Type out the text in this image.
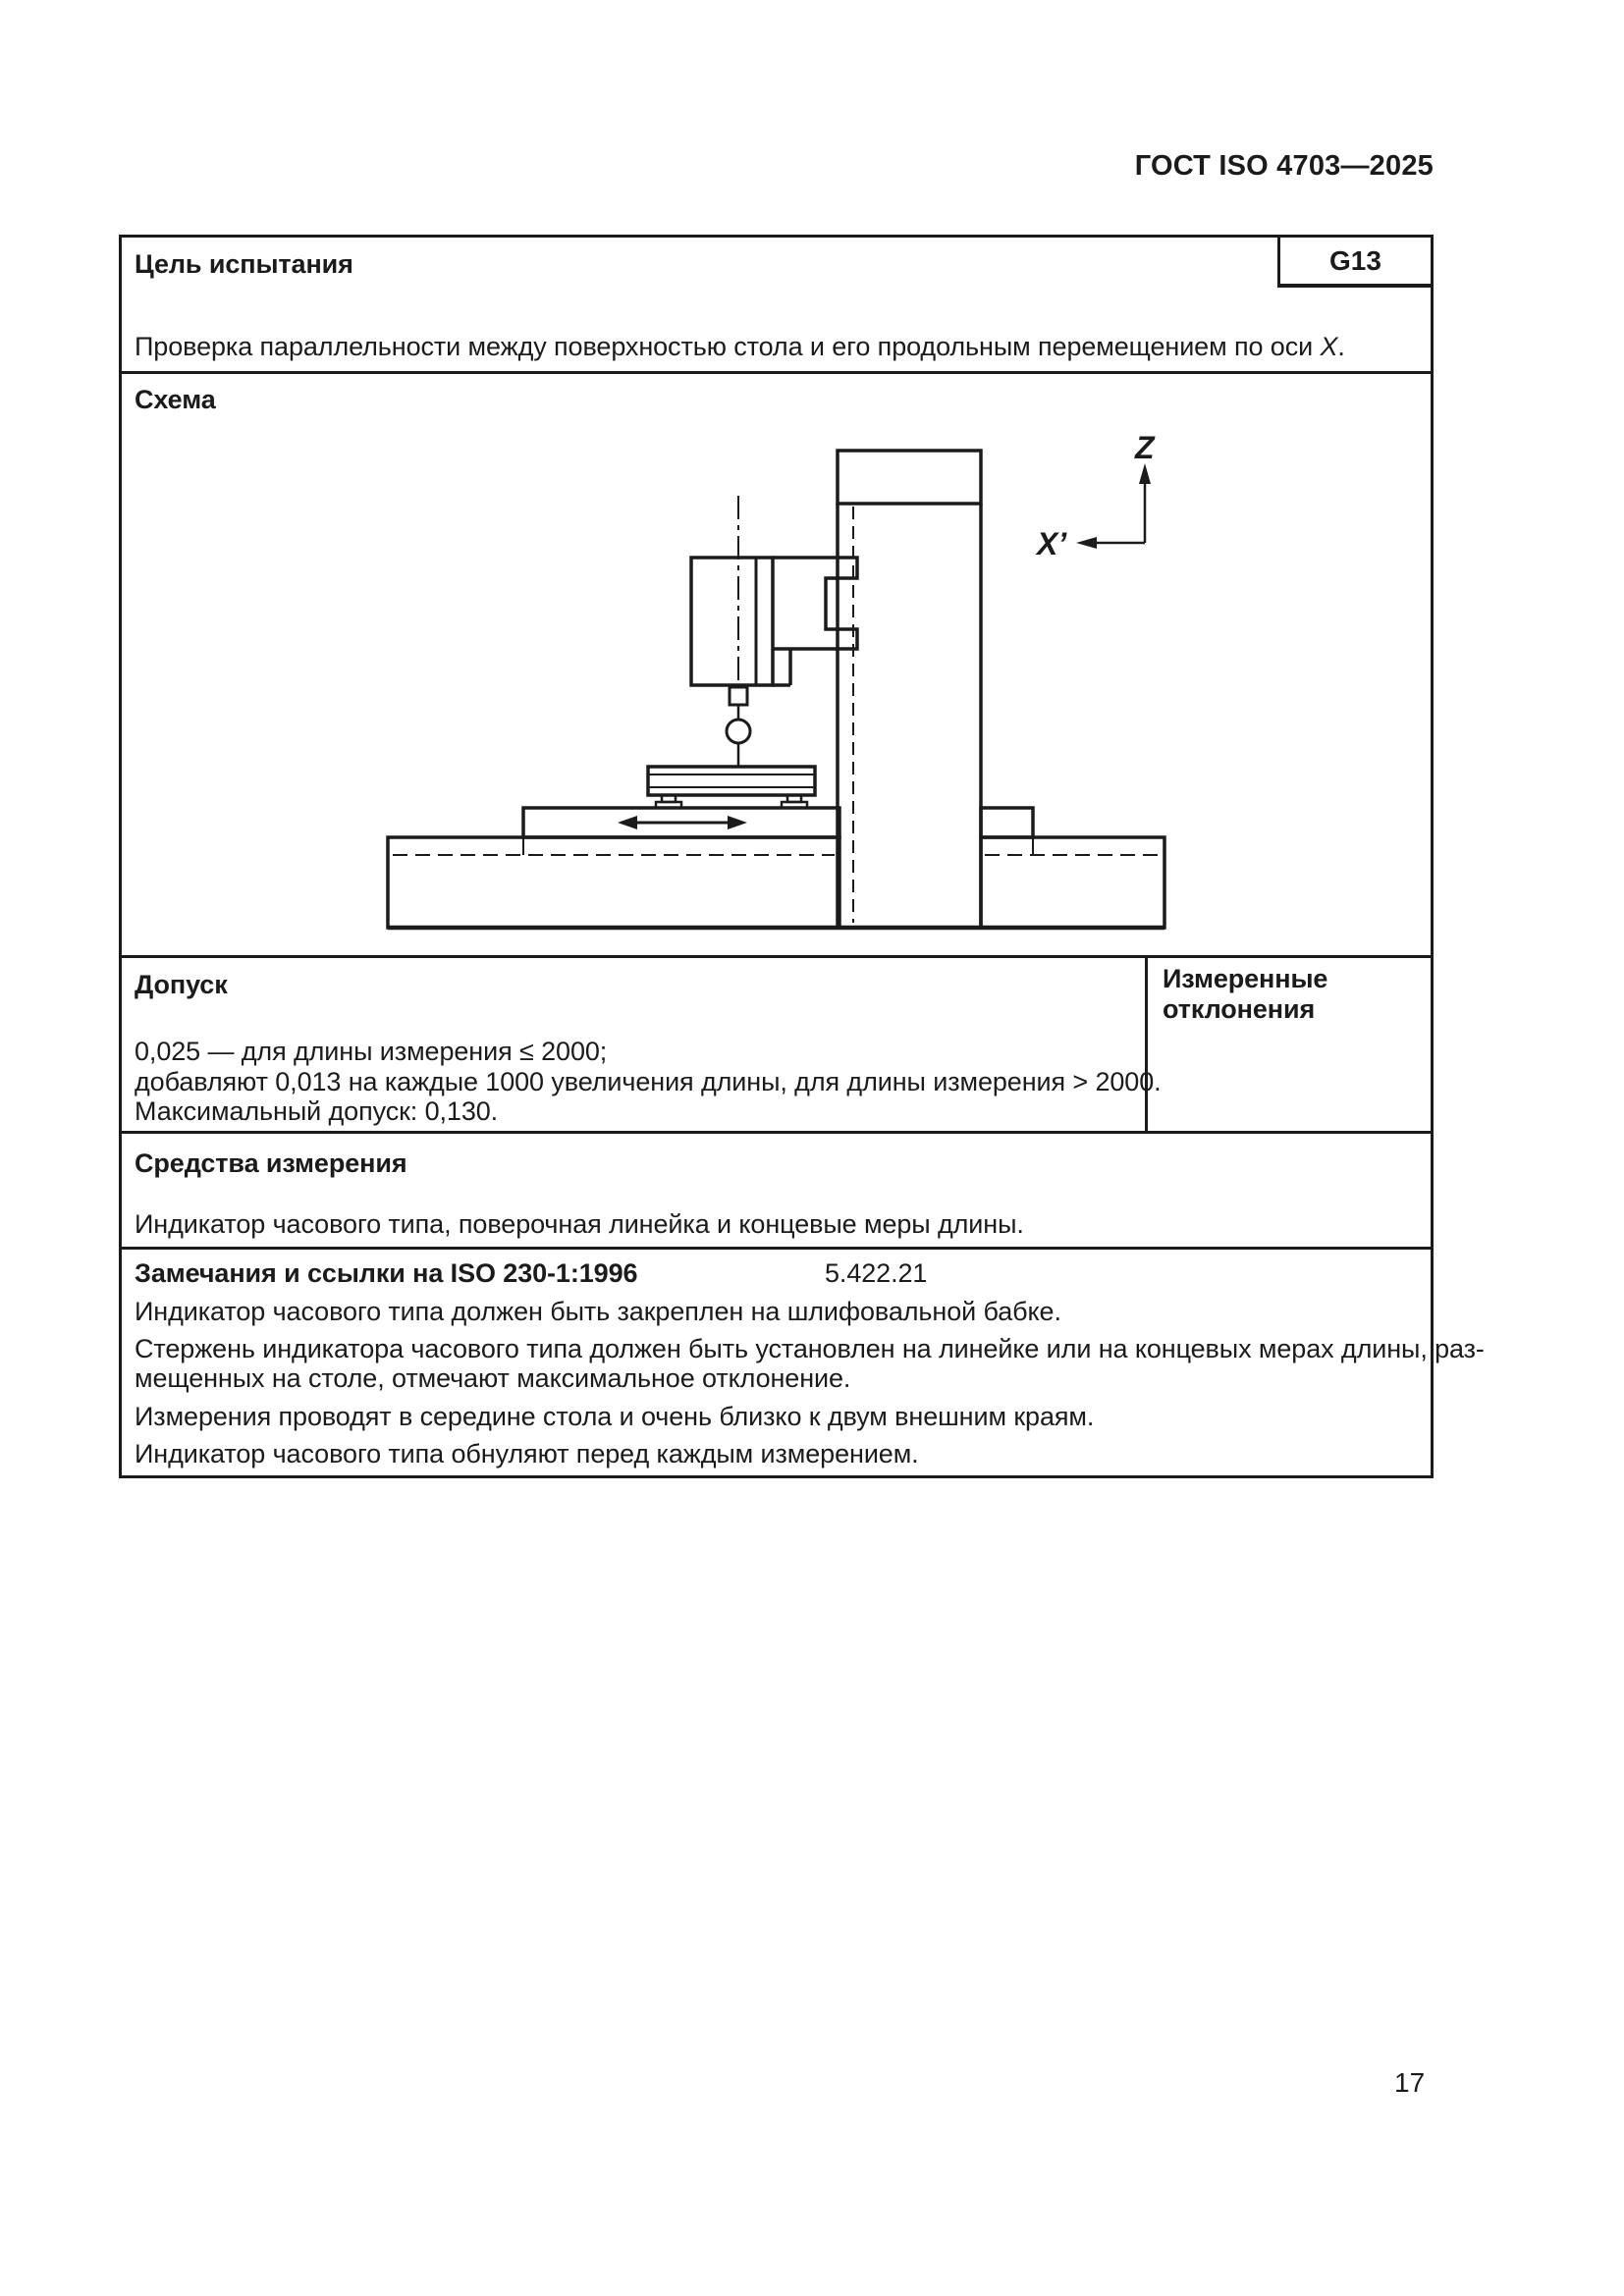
ГОСТ ISO 4703—2025
Цель испытания	G13
Проверка параллельности между поверхностью стола и его продольным перемещением по оси X.
Схема
Z
X’
Допуск
0,025 — для длины измерения ≤ 2000;
добавляют 0,013 на каждые 1000 увеличения длины, для длины измерения > 2000.
Максимальный допуск: 0,130.
Измеренные отклонения
Средства измерения
Индикатор часового типа, поверочная линейка и концевые меры длины.
Замечания и ссылки на ISO 230-1:1996	5.422.21
Индикатор часового типа должен быть закреплен на шлифовальной бабке.
Стержень индикатора часового типа должен быть установлен на линейке или на концевых мерах длины, раз-
мещенных на столе, отмечают максимальное отклонение.
Измерения проводят в середине стола и очень близко к двум внешним краям.
Индикатор часового типа обнуляют перед каждым измерением.
17
